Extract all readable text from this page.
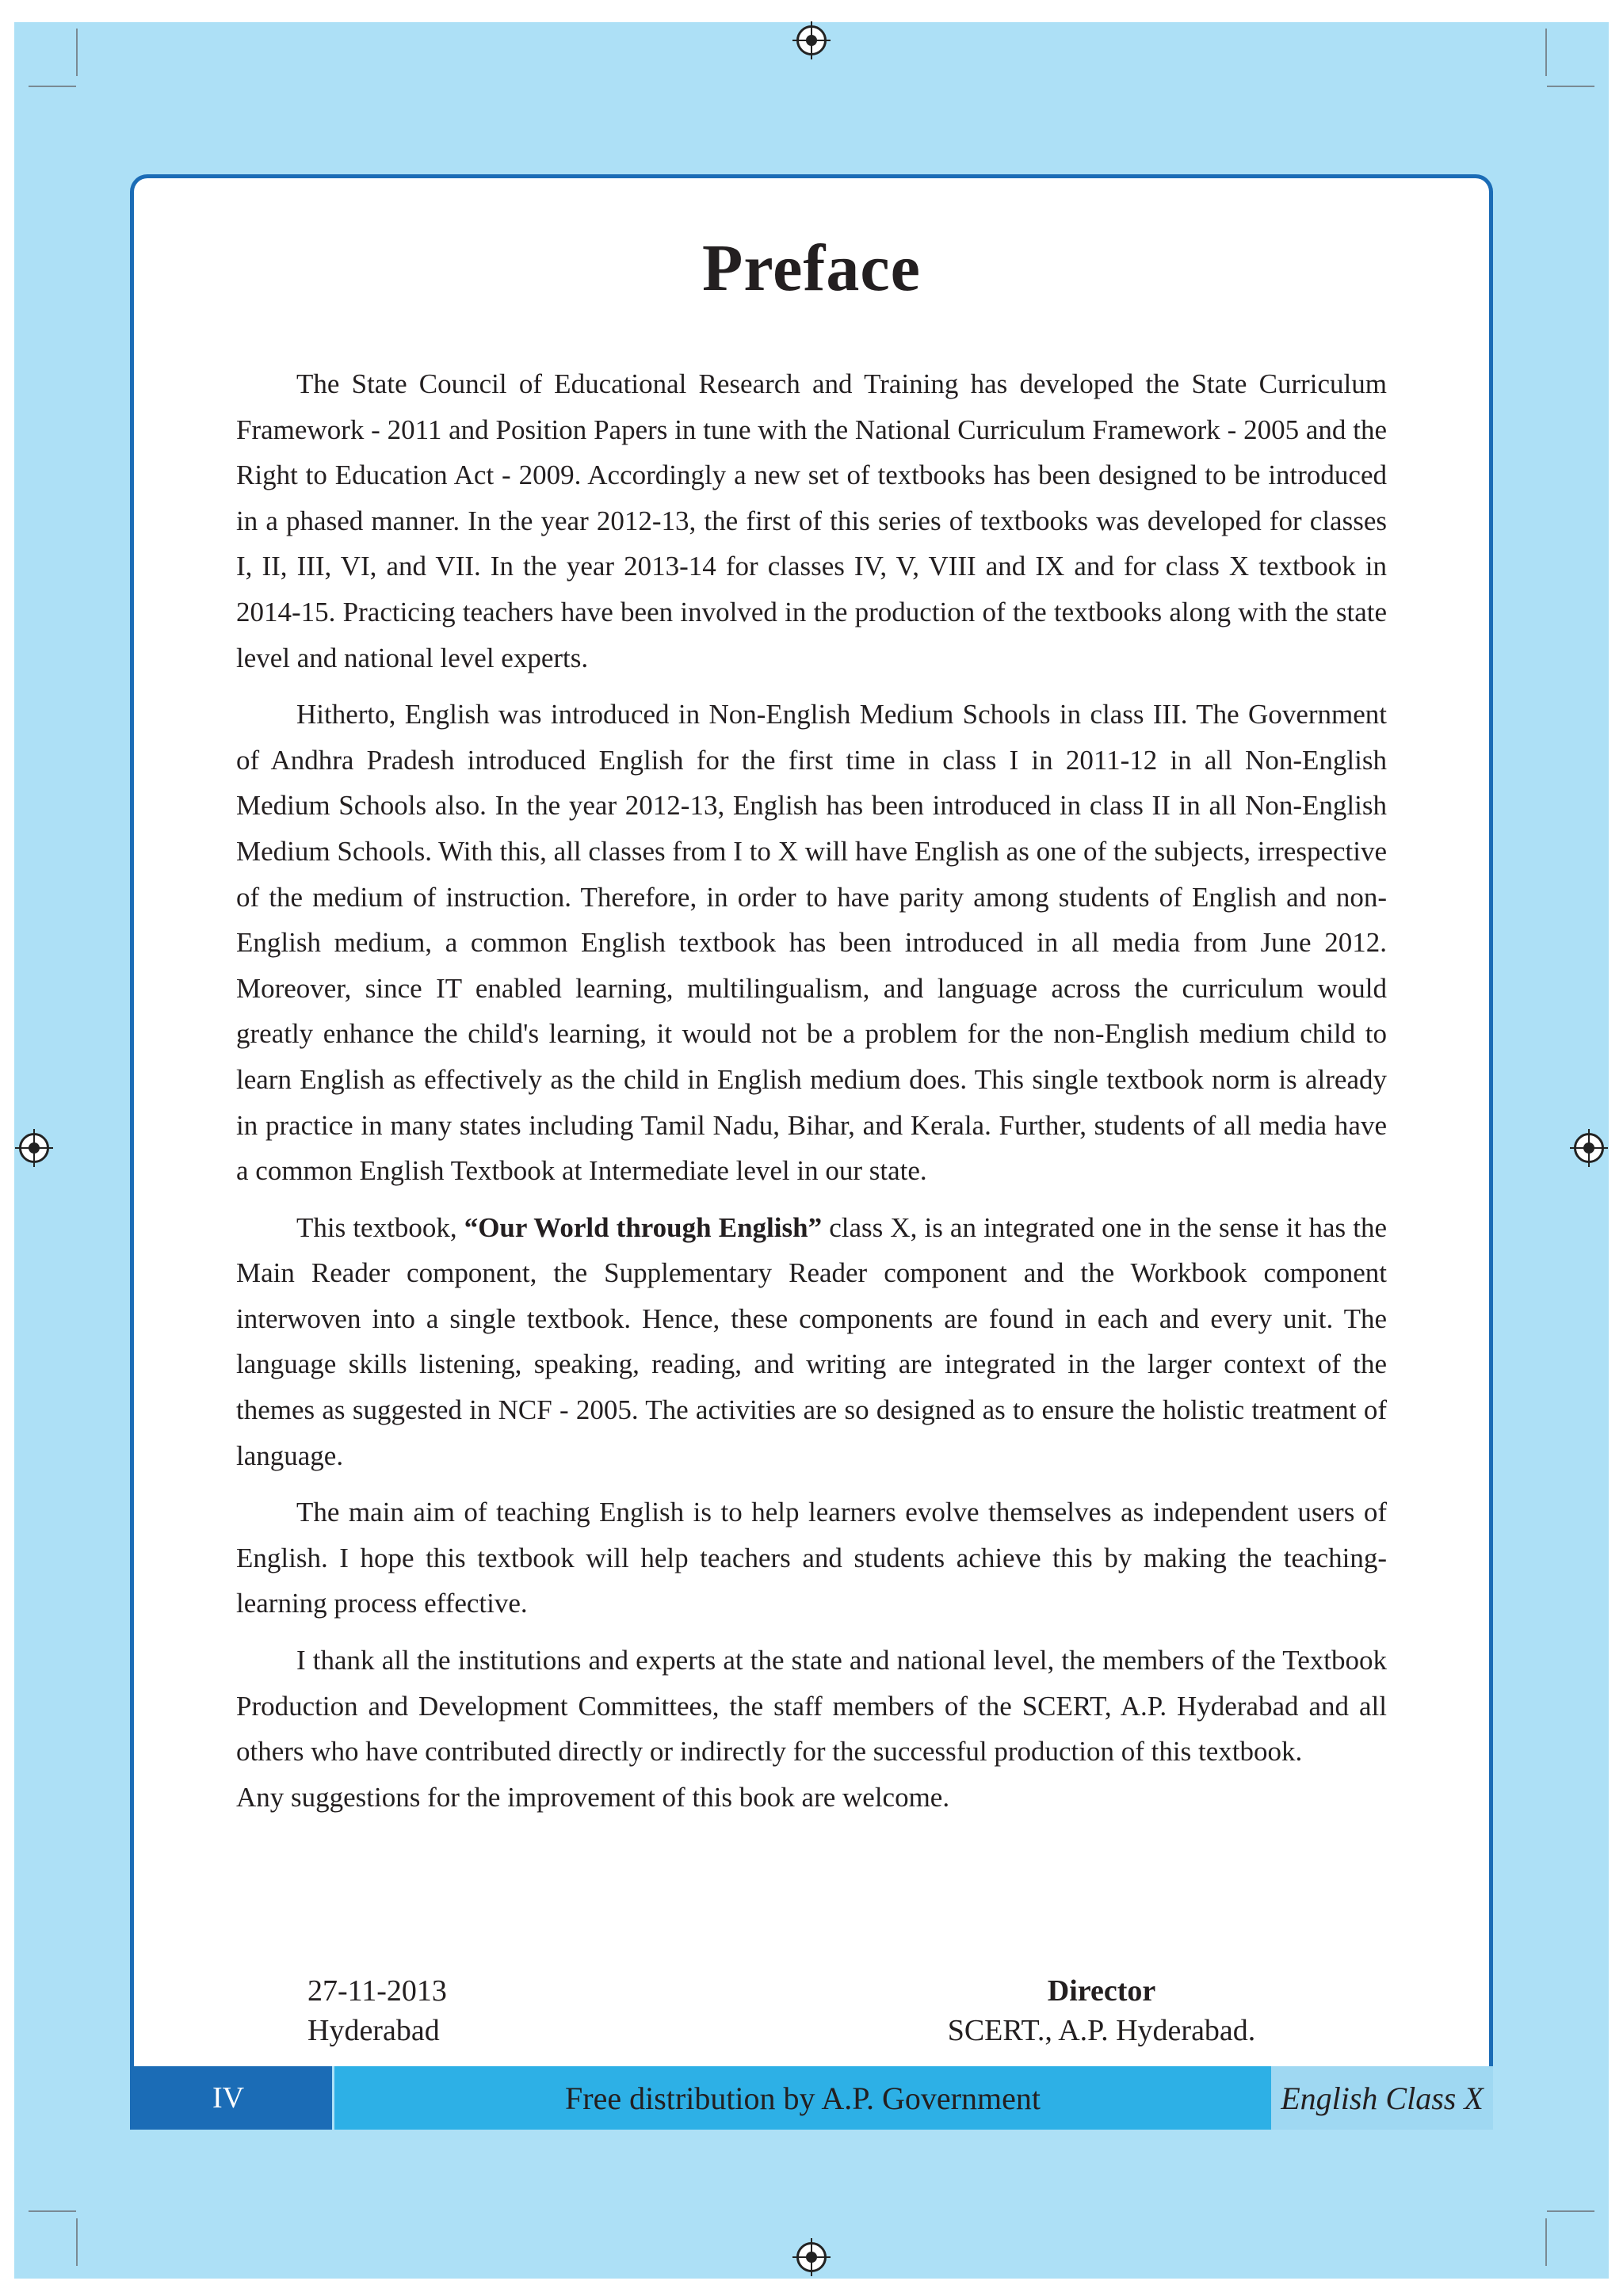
Preface

The State Council of Educational Research and Training has developed the State Curriculum Framework - 2011 and Position Papers in tune with the National Curriculum Framework - 2005 and the Right to Education Act - 2009. Accordingly a new set of textbooks has been designed to be introduced in a phased manner. In the year 2012-13, the first of this series of textbooks was developed for classes I, II, III, VI, and VII. In the year 2013-14 for classes IV, V, VIII and IX and for class X textbook in 2014-15. Practicing teachers have been involved in the production of the textbooks along with the state level and national level experts.

Hitherto, English was introduced in Non-English Medium Schools in class III. The Government of Andhra Pradesh introduced English for the first time in class I in 2011-12 in all Non-English Medium Schools also. In the year 2012-13, English has been introduced in class II in all Non-English Medium Schools. With this, all classes from I to X will have English as one of the subjects, irrespective of the medium of instruction. Therefore, in order to have parity among students of English and non- English medium, a common English textbook has been introduced in all media from June 2012. Moreover, since IT enabled learning, multilingualism, and language across the curriculum would greatly enhance the child's learning, it would not be a problem for the non-English medium child to learn English as effectively as the child in English medium does. This single textbook norm is already in practice in many states including Tamil Nadu, Bihar, and Kerala. Further, students of all media have a common English Textbook at Intermediate level in our state.

This textbook, “Our World through English” class X, is an integrated one in the sense it has the Main Reader component, the Supplementary Reader component and the Workbook component interwoven into a single textbook. Hence, these components are found in each and every unit. The language skills listening, speaking, reading, and writing are integrated in the larger context of the themes as suggested in NCF - 2005. The activities are so designed as to ensure the holistic treatment of language.

The main aim of teaching English is to help learners evolve themselves as independent users of English. I hope this textbook will help teachers and students achieve this by making the teaching-learning process effective.

I thank all the institutions and experts at the state and national level, the members of the Textbook Production and Development Committees, the staff members of the SCERT, A.P. Hyderabad and all others who have contributed directly or indirectly for the successful production of this textbook.

Any suggestions for the improvement of this book are welcome.

27-11-2013
Hyderabad
Director
SCERT., A.P. Hyderabad.
IV	Free distribution by A.P. Government	English Class X
